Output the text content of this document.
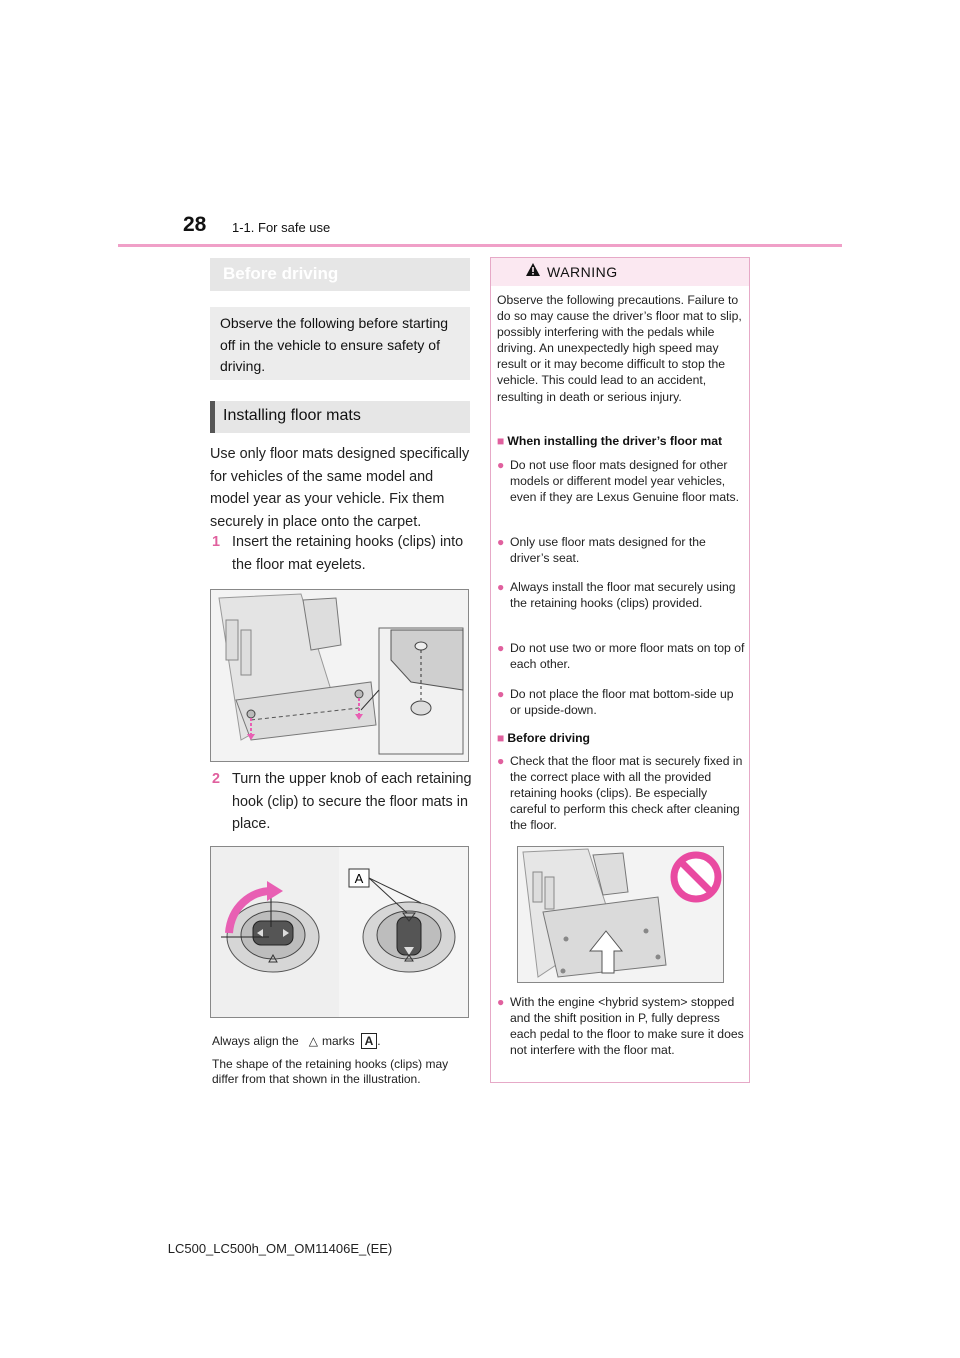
28 1-1. For safe use
Before driving
Observe the following before starting off in the vehicle to ensure safety of driving.
Installing floor mats
Use only floor mats designed specifically for vehicles of the same model and model year as your vehicle. Fix them securely in place onto the carpet.
1 Insert the retaining hooks (clips) into the floor mat eyelets.
2 Turn the upper knob of each retaining hook (clip) to secure the floor mats in place.
A
Always align the △ marks A .
The shape of the retaining hooks (clips) may differ from that shown in the illustration.
WARNING
Observe the following precautions. Failure to do so may cause the driver’s floor mat to slip, possibly interfering with the pedals while driving. An unexpectedly high speed may result or it may become difficult to stop the vehicle. This could lead to an accident, resulting in death or serious injury.
■ When installing the driver’s floor mat
● Do not use floor mats designed for other models or different model year vehicles, even if they are Lexus Genuine floor mats.
● Only use floor mats designed for the driver’s seat.
● Always install the floor mat securely using the retaining hooks (clips) provided.
● Do not use two or more floor mats on top of each other.
● Do not place the floor mat bottom-side up or upside-down.
■ Before driving
● Check that the floor mat is securely fixed in the correct place with all the provided retaining hooks (clips). Be especially careful to perform this check after cleaning the floor.
● With the engine <hybrid system> stopped and the shift position in P, fully depress each pedal to the floor to make sure it does not interfere with the floor mat.
LC500_LC500h_OM_OM11406E_(EE)
